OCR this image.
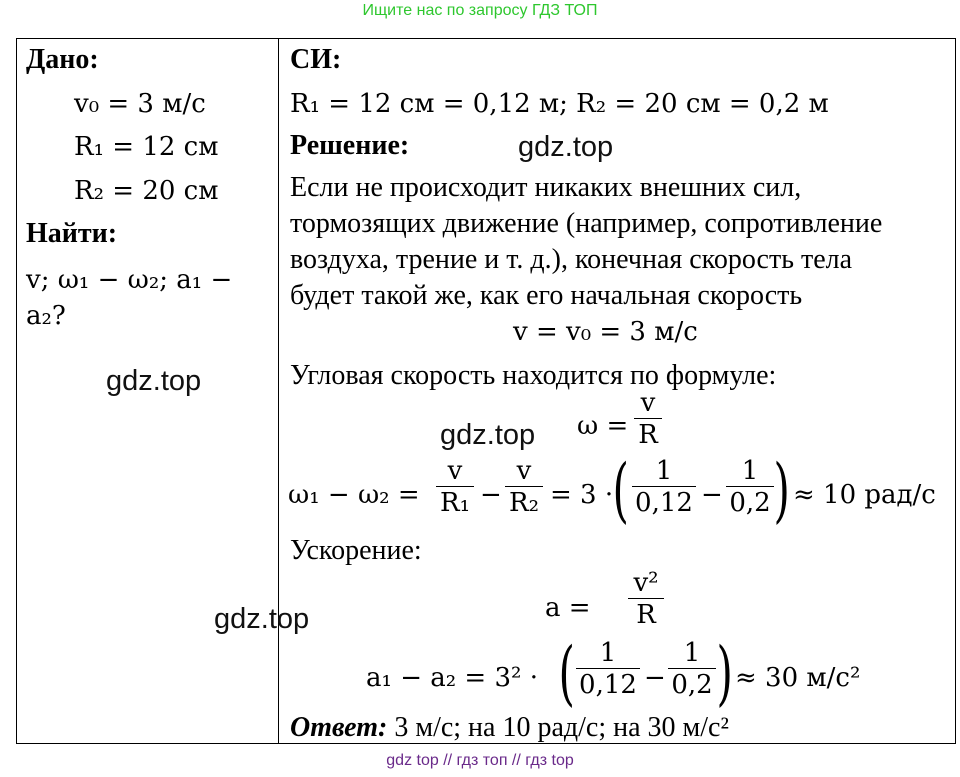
Ищите нас по запросу ГДЗ ТОП
Дано:
v₀ = 3 м/с
R₁ = 12 см
R₂ = 20 см
Найти:
v; ω₁ − ω₂; a₁ −
a₂?
СИ:
R₁ = 12 см = 0,12 м; R₂ = 20 см = 0,2 м
Решение:
Если не происходит никаких внешних сил,
тормозящих движение (например, сопротивление
воздуха, трение и т. д.), конечная скорость тела
будет такой же, как его начальная скорость
v = v₀ = 3 м/с
Угловая скорость находится по формуле:
ω =
v
R
ω₁ − ω₂ =
v
R₁ −
v
R₂ = 3 · (	1
0,12 −
1
0,2 ) ≈ 10 рад/с
Ускорение:
a =
v²
R
a₁ − a₂ = 3² · ( 1
0,12 −
1
0,2 ) ≈ 30 м/с²
Ответ: 3 м/с; на 10 рад/с; на 30 м/с²
gdz.top
gdz.top
gdz.top
gdz.top
gdz top // гдз топ // гдз top
